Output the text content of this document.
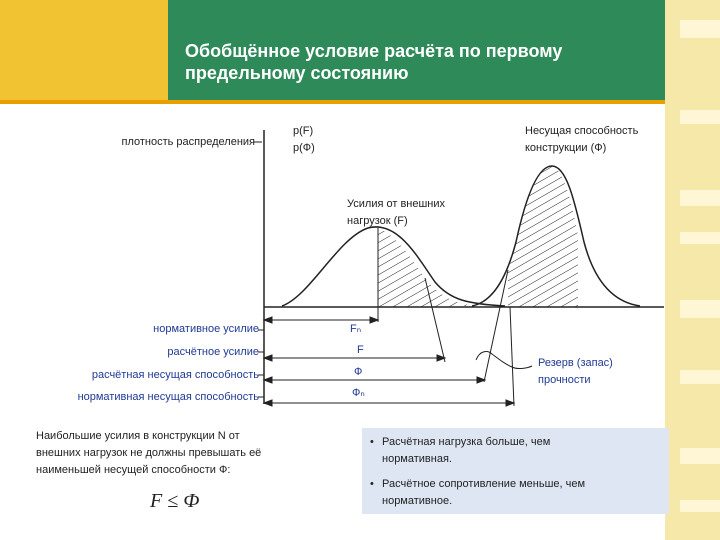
Обобщённое условие расчёта по первому
предельному состоянию
плотность распределения
p(F)
p(Ф)
Несущая способность
конструкции (Ф)
Усилия от внешних
нагрузок (F)
нормативное усилие
расчётное усилие
расчётная несущая способность
нормативная несущая способность
Fₙ
F
Ф
Фₙ
Резерв (запас)
прочности
Наибольшие усилия в конструкции N от
внешних нагрузок не должны превышать её
наименьшей несущей способности Ф:
F ≤ Ф
• Расчётная нагрузка больше, чем
нормативная.
• Расчётное сопротивление меньше, чем
нормативное.
